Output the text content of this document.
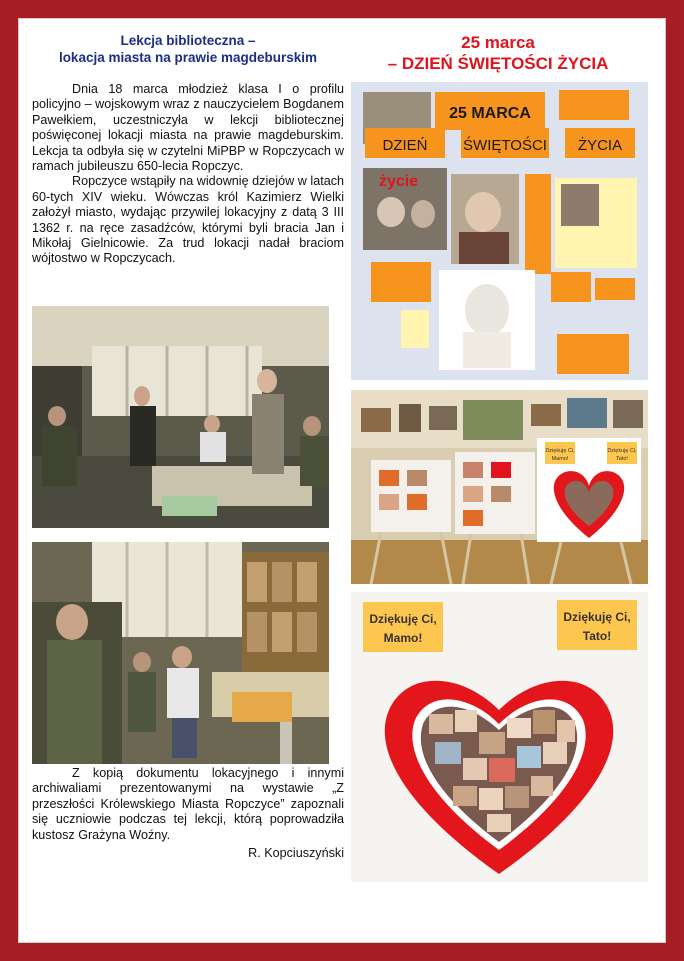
Lekcja biblioteczna –
lokacja miasta na prawie magdeburskim

Dnia 18 marca młodzież klasa I o profilu policyjno – wojskowym wraz z nauczycielem Bogdanem Pawełkiem, uczestniczyła w lekcji bibliotecznej poświęconej lokacji miasta na prawie magdeburskim. Lekcja ta odbyła się w czytelni MiPBP w Ropczycach w ramach jubileuszu 650-lecia Ropczyc.

Ropczyce wstąpiły na widownię dziejów w latach 60-tych XIV wieku. Wówczas król Kazimierz Wielki założył miasto, wydając przywilej lokacyjny z datą 3 III 1362 r. na ręce zasadźców, którymi byli bracia Jan i Mikołaj Gielnicowie. Za trud lokacji nadał braciom wójtostwo w Ropczycach.

Z kopią dokumentu lokacyjnego i innymi archiwaliami prezentowanymi na wystawie „Z przeszłości Królewskiego Miasta Ropczyce” zapoznali się uczniowie podczas tej lekcji, którą poprowadziła kustosz Grażyna Woźny.

R. Kopciuszyński
25 marca
– DZIEŃ ŚWIĘTOŚCI ŻYCIA
25 MARCA
DZIEŃ ŚWIĘTOŚCI ŻYCIA
życie
Dziękuję Ci,
Mamo!
Dziękuję Ci,
Tato!
Dziękuję Ci,
Mamo!
Dziękuję Ci,
Tato!
